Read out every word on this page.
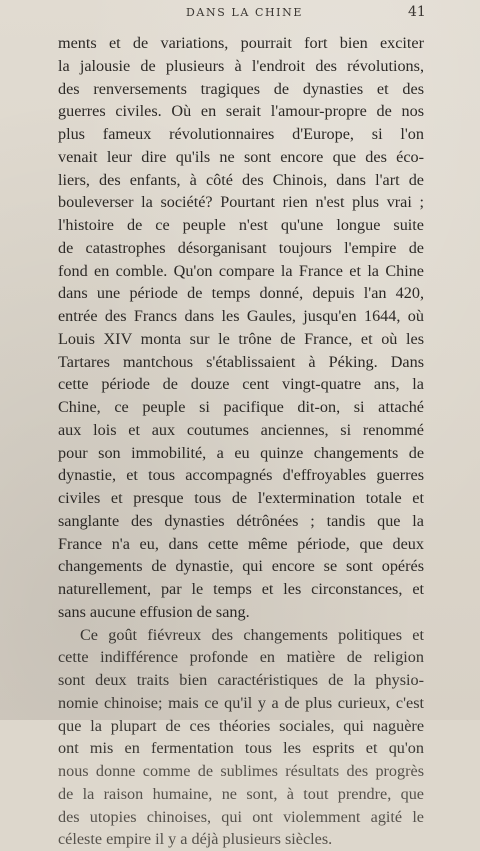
DANS LA CHINE	41
ments et de variations, pourrait fort bien exciter
la jalousie de plusieurs à l'endroit des révolutions,
des renversements tragiques de dynasties et des
guerres civiles. Où en serait l'amour-propre de nos
plus fameux révolutionnaires d'Europe, si l'on
venait leur dire qu'ils ne sont encore que des éco-
liers, des enfants, à côté des Chinois, dans l'art de
bouleverser la société? Pourtant rien n'est plus vrai ;
l'histoire de ce peuple n'est qu'une longue suite
de catastrophes désorganisant toujours l'empire de
fond en comble. Qu'on compare la France et la Chine
dans une période de temps donné, depuis l'an 420,
entrée des Francs dans les Gaules, jusqu'en 1644, où
Louis XIV monta sur le trône de France, et où les
Tartares mantchous s'établissaient à Péking. Dans
cette période de douze cent vingt-quatre ans, la
Chine, ce peuple si pacifique dit-on, si attaché
aux lois et aux coutumes anciennes, si renommé
pour son immobilité, a eu quinze changements de
dynastie, et tous accompagnés d'effroyables guerres
civiles et presque tous de l'extermination totale et
sanglante des dynasties détrônées ; tandis que la
France n'a eu, dans cette même période, que deux
changements de dynastie, qui encore se sont opérés
naturellement, par le temps et les circonstances, et
sans aucune effusion de sang.
Ce goût fiévreux des changements politiques et
cette indifférence profonde en matière de religion
sont deux traits bien caractéristiques de la physio-
nomie chinoise; mais ce qu'il y a de plus curieux, c'est
que la plupart de ces théories sociales, qui naguère
ont mis en fermentation tous les esprits et qu'on
nous donne comme de sublimes résultats des progrès
de la raison humaine, ne sont, à tout prendre, que
des utopies chinoises, qui ont violemment agité le
céleste empire il y a déjà plusieurs siècles.
